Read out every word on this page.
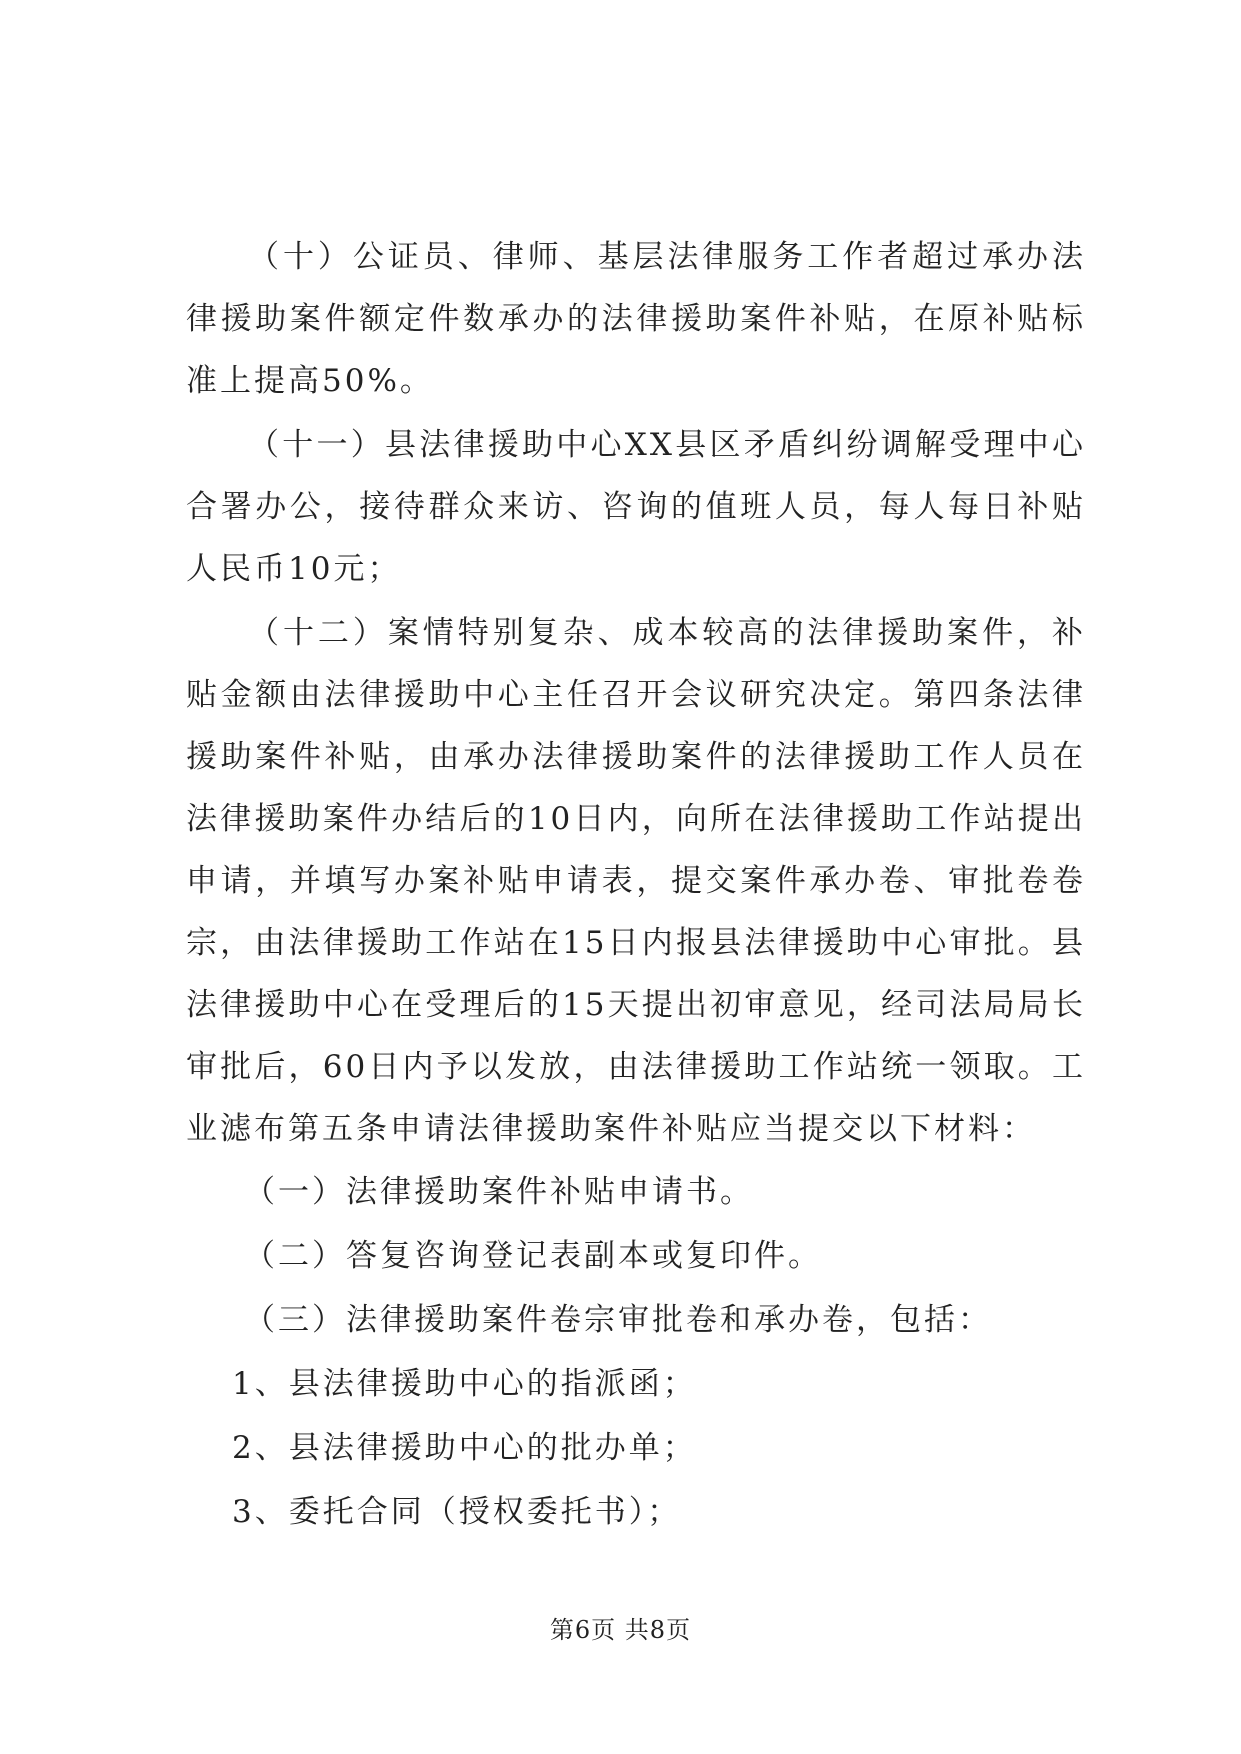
（十）公证员、律师、基层法律服务工作者超过承办法律援助案件额定件数承办的法律援助案件补贴，在原补贴标准上提高50%。

（十一）县法律援助中心XX县区矛盾纠纷调解受理中心合署办公，接待群众来访、咨询的值班人员，每人每日补贴人民币10元；

（十二）案情特别复杂、成本较高的法律援助案件，补贴金额由法律援助中心主任召开会议研究决定。第四条法律援助案件补贴，由承办法律援助案件的法律援助工作人员在法律援助案件办结后的10日内，向所在法律援助工作站提出申请，并填写办案补贴申请表，提交案件承办卷、审批卷卷宗，由法律援助工作站在15日内报县法律援助中心审批。县法律援助中心在受理后的15天提出初审意见，经司法局局长审批后，60日内予以发放，由法律援助工作站统一领取。工业滤布第五条申请法律援助案件补贴应当提交以下材料：

（一）法律援助案件补贴申请书。

（二）答复咨询登记表副本或复印件。

（三）法律援助案件卷宗审批卷和承办卷，包括：

1、县法律援助中心的指派函；

2、县法律援助中心的批办单；

3、委托合同（授权委托书）；

第6页 共8页
